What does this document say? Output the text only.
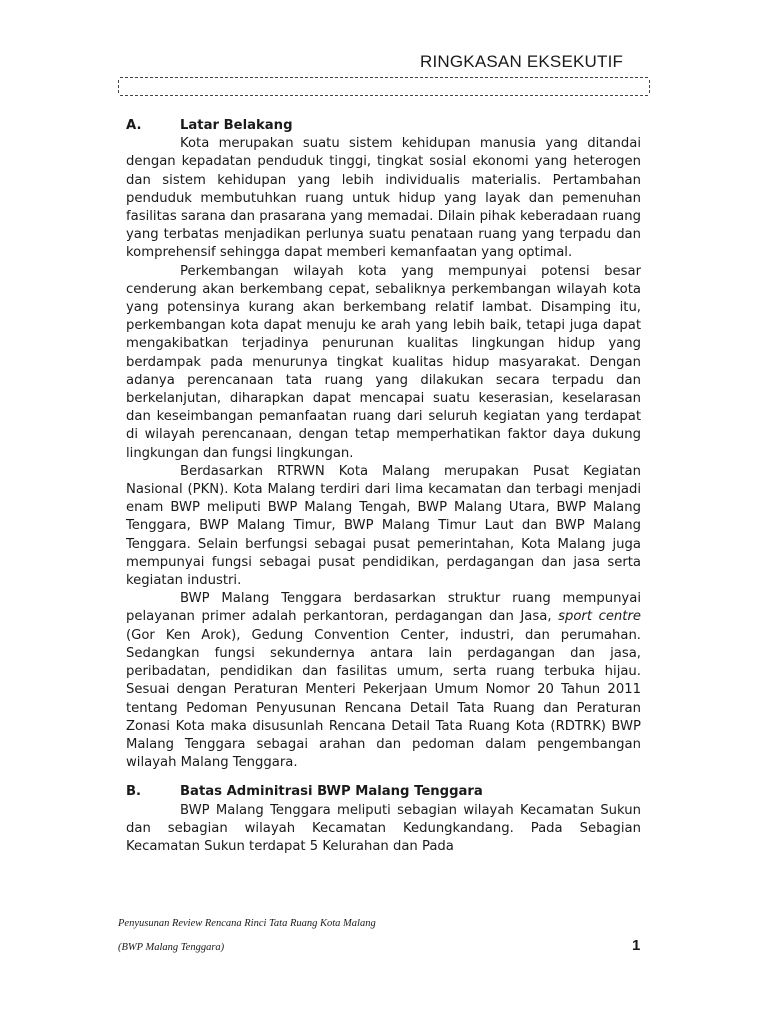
RINGKASAN EKSEKUTIF
A.	Latar Belakang

Kota merupakan suatu sistem kehidupan manusia yang ditandai dengan kepadatan penduduk tinggi, tingkat sosial ekonomi yang heterogen dan sistem kehidupan yang lebih individualis materialis. Pertambahan penduduk membutuhkan ruang untuk hidup yang layak dan pemenuhan fasilitas sarana dan prasarana yang memadai. Dilain pihak keberadaan ruang yang terbatas menjadikan perlunya suatu penataan ruang yang terpadu dan komprehensif sehingga dapat memberi kemanfaatan yang optimal.

Perkembangan wilayah kota yang mempunyai potensi besar cenderung akan berkembang cepat, sebaliknya perkembangan wilayah kota yang potensinya kurang akan berkembang relatif lambat. Disamping itu, perkembangan kota dapat menuju ke arah yang lebih baik, tetapi juga dapat mengakibatkan terjadinya penurunan kualitas lingkungan hidup yang berdampak pada menurunya tingkat kualitas hidup masyarakat. Dengan adanya perencanaan tata ruang yang dilakukan secara terpadu dan berkelanjutan, diharapkan dapat mencapai suatu keserasian, keselarasan dan keseimbangan pemanfaatan ruang dari seluruh kegiatan yang terdapat di wilayah perencanaan, dengan tetap memperhatikan faktor daya dukung lingkungan dan fungsi lingkungan.

Berdasarkan RTRWN Kota Malang merupakan Pusat Kegiatan Nasional (PKN). Kota Malang terdiri dari lima kecamatan dan terbagi menjadi enam BWP meliputi BWP Malang Tengah, BWP Malang Utara, BWP Malang Tenggara, BWP Malang Timur, BWP Malang Timur Laut dan BWP Malang Tenggara. Selain berfungsi sebagai pusat pemerintahan, Kota Malang juga mempunyai fungsi sebagai pusat pendidikan, perdagangan dan jasa serta kegiatan industri.

BWP Malang Tenggara berdasarkan struktur ruang mempunyai pelayanan primer adalah perkantoran, perdagangan dan Jasa, sport centre (Gor Ken Arok), Gedung Convention Center, industri, dan perumahan. Sedangkan fungsi sekundernya antara lain perdagangan dan jasa, peribadatan, pendidikan dan fasilitas umum, serta ruang terbuka hijau. Sesuai dengan Peraturan Menteri Pekerjaan Umum Nomor 20 Tahun 2011 tentang Pedoman Penyusunan Rencana Detail Tata Ruang dan Peraturan Zonasi Kota maka disusunlah Rencana Detail Tata Ruang Kota (RDTRK) BWP Malang Tenggara sebagai arahan dan pedoman dalam pengembangan wilayah Malang Tenggara.

B.	Batas Adminitrasi BWP Malang Tenggara

BWP Malang Tenggara meliputi sebagian wilayah Kecamatan Sukun dan sebagian wilayah Kecamatan Kedungkandang. Pada Sebagian Kecamatan Sukun terdapat 5 Kelurahan dan Pada

Penyusunan Review Rencana Rinci Tata Ruang Kota Malang
(BWP Malang Tenggara)	1
